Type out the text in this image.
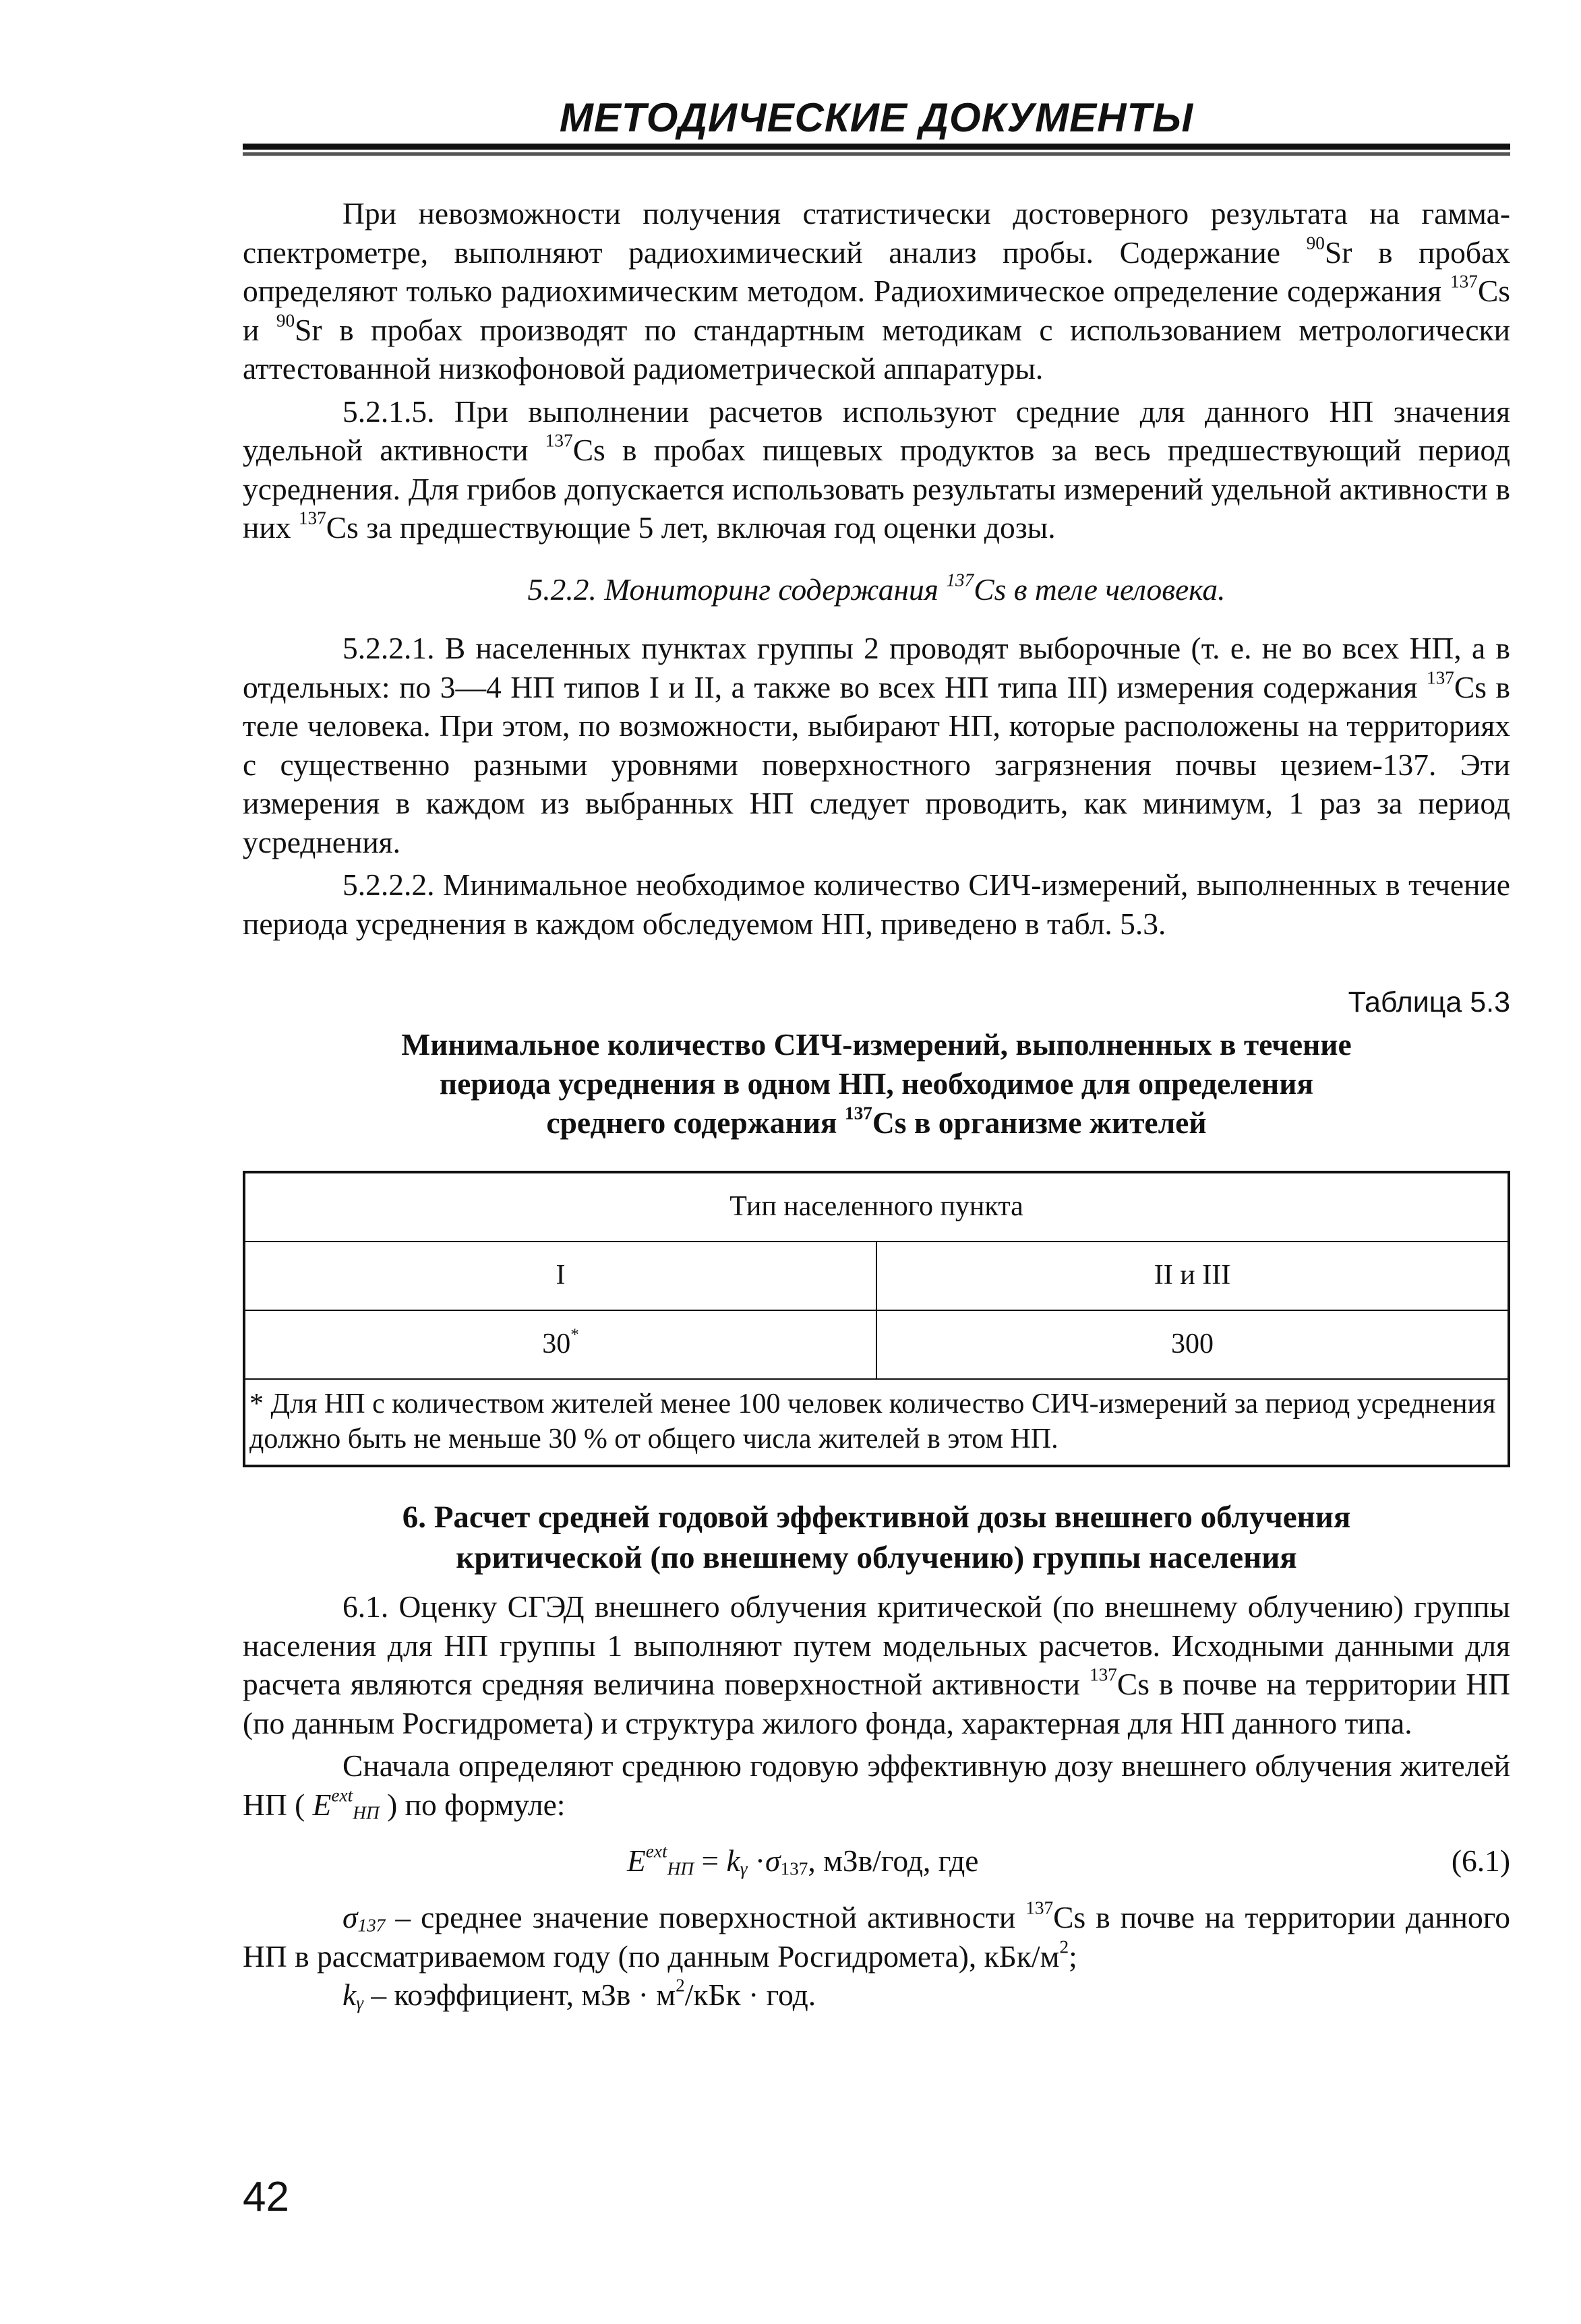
МЕТОДИЧЕСКИЕ ДОКУМЕНТЫ

При невозможности получения статистически достоверного результата на гамма-спектрометре, выполняют радиохимический анализ пробы. Содержание $^{90}$Sr в пробах определяют только радиохимическим методом. Радиохимическое определение содержания $^{137}$Cs и $^{90}$Sr в пробах производят по стандартным методикам с использованием метрологически аттестованной низкофоновой радиометрической аппаратуры.

5.2.1.5. При выполнении расчетов используют средние для данного НП значения удельной активности $^{137}$Cs в пробах пищевых продуктов за весь предшествующий период усреднения. Для грибов допускается использовать результаты измерений удельной активности в них $^{137}$Cs за предшествующие 5 лет, включая год оценки дозы.

5.2.2. Мониторинг содержания $^{137}$Cs в теле человека.

5.2.2.1. В населенных пунктах группы 2 проводят выборочные (т. е. не во всех НП, а в отдельных: по 3—4 НП типов I и II, а также во всех НП типа III) измерения содержания $^{137}$Cs в теле человека. При этом, по возможности, выбирают НП, которые расположены на территориях с существенно разными уровнями поверхностного загрязнения почвы цезием-137. Эти измерения в каждом из выбранных НП следует проводить, как минимум, 1 раз за период усреднения.

5.2.2.2. Минимальное необходимое количество СИЧ-измерений, выполненных в течение периода усреднения в каждом обследуемом НП, приведено в табл. 5.3.

Таблица 5.3
Минимальное количество СИЧ-измерений, выполненных в течение
периода усреднения в одном НП, необходимое для определения
среднего содержания $^{137}$Cs в организме жителей
Тип населенного пункта	
I	II и III
30*	300
* Для НП с количеством жителей менее 100 человек количество СИЧ-измерений за период усреднения должно быть не меньше 30 % от общего числа жителей в этом НП.	
6. Расчет средней годовой эффективной дозы внешнего облучения
критической (по внешнему облучению) группы населения

6.1. Оценку СГЭД внешнего облучения критической (по внешнему облучению) группы населения для НП группы 1 выполняют путем модельных расчетов. Исходными данными для расчета являются средняя величина поверхностной активности $^{137}$Cs в почве на территории НП (по данным Росгидромета) и структура жилого фонда, характерная для НП данного типа.

Сначала определяют среднюю годовую эффективную дозу внешнего облучения жителей НП ( $E^{ext}_{НП}$ ) по формуле:

$E^{ext}_{НП} = k_\gamma \cdot\sigma_{137}$, мЗв/год, где	(6.1)

$\sigma_{137}$ – среднее значение поверхностной активности $^{137}$Cs в почве на территории данного НП в рассматриваемом году (по данным Росгидромета), кБк/$м^2$;

$k_\gamma$ – коэффициент, мЗв · $м^2$/кБк · год.

42
